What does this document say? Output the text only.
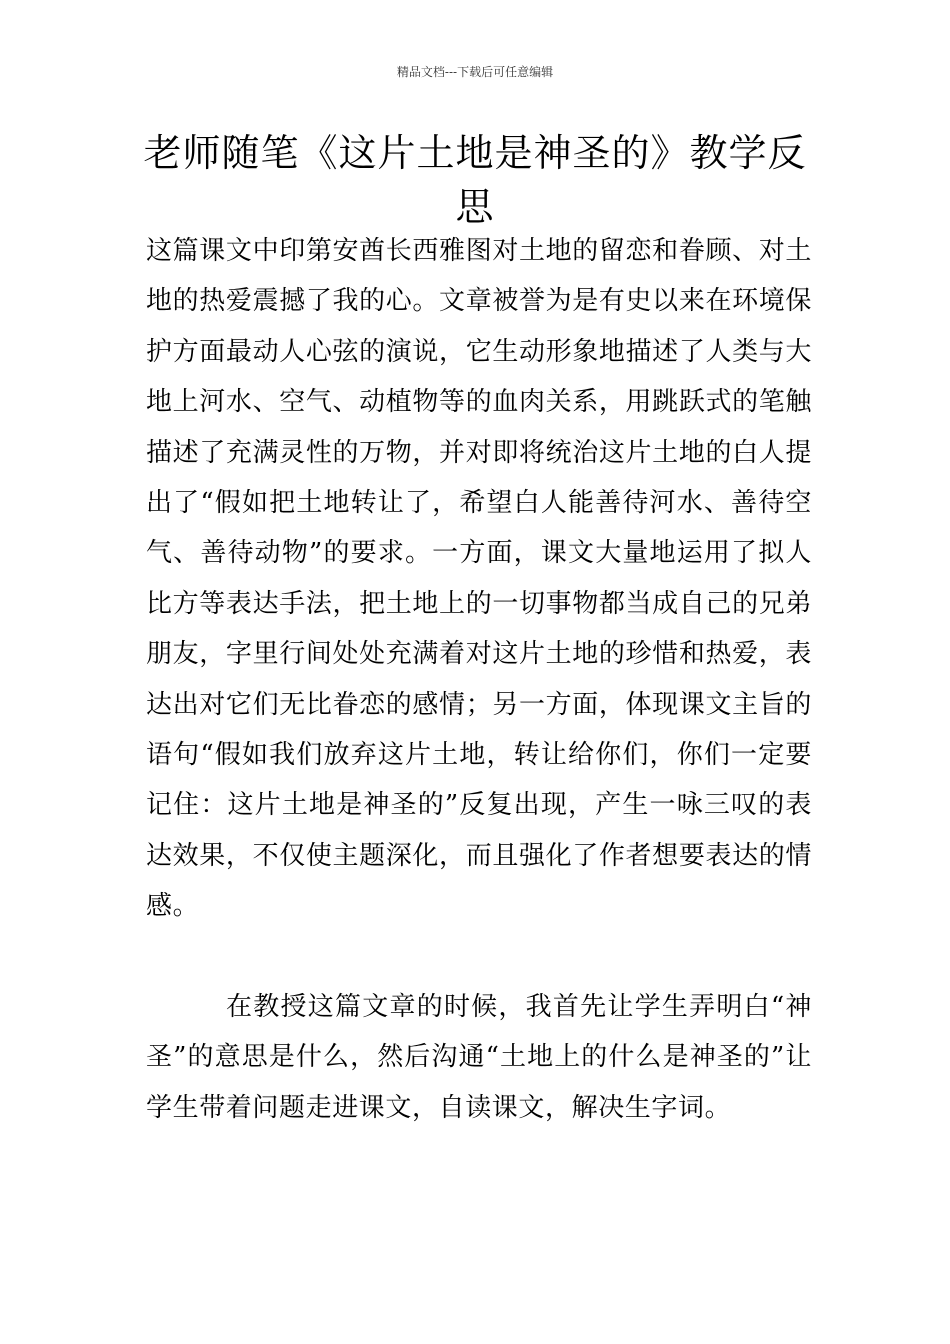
精品文档---下载后可任意编辑
老师随笔《这片土地是神圣的》教学反思

这篇课文中印第安酋长西雅图对土地的留恋和眷顾、对土地的热爱震撼了我的心。文章被誉为是有史以来在环境保护方面最动人心弦的演说，它生动形象地描述了人类与大地上河水、空气、动植物等的血肉关系，用跳跃式的笔触描述了充满灵性的万物，并对即将统治这片土地的白人提出了“假如把土地转让了，希望白人能善待河水、善待空气、善待动物”的要求。一方面，课文大量地运用了拟人比方等表达手法，把土地上的一切事物都当成自己的兄弟朋友，字里行间处处充满着对这片土地的珍惜和热爱，表达出对它们无比眷恋的感情；另一方面，体现课文主旨的语句“假如我们放弃这片土地，转让给你们，你们一定要记住：这片土地是神圣的”反复出现，产生一咏三叹的表达效果，不仅使主题深化，而且强化了作者想要表达的情感。

在教授这篇文章的时候，我首先让学生弄明白“神圣”的意思是什么，然后沟通“土地上的什么是神圣的”让学生带着问题走进课文，自读课文，解决生字词。
